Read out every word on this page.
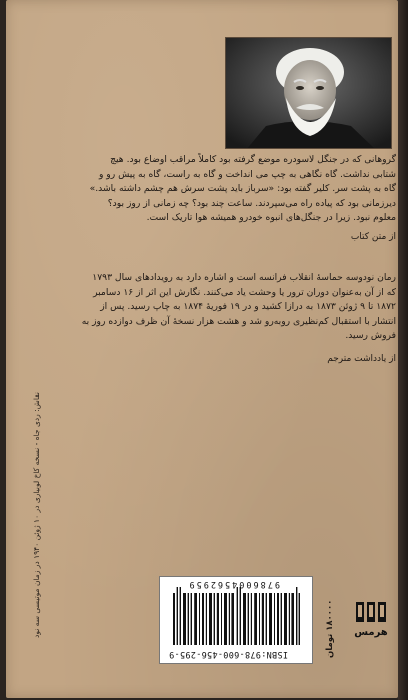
گروهانی که در جنگل لاسودره موضع گرفته بود کاملاً مراقب اوضاع بود. هیچ
شتابی نداشت. گاه نگاهی به چپ می انداخت و گاه به راست، گاه به پیش رو و
گاه به پشت سر. کلیر گفته بود: «سرباز باید پشت سرش هم چشم داشته باشد.»
دیرزمانی بود که پیاده راه می‌سپردند. ساعت چند بود؟ چه زمانی از روز بود؟
معلوم نبود. زیرا در جنگل‌های انبوه خودرو همیشه هوا تاریک است.
از متن کتاب
رمان نودوسه حماسهٔ انقلاب فرانسه است و اشاره دارد به رویدادهای سال ۱۷۹۳
که از آن به‌عنوان دوران ترور یا وحشت یاد می‌کنند. نگارش این اثر از ۱۶ دسامبر
۱۸۷۲ تا ۹ ژوئن ۱۸۷۳ به درازا کشید و در ۱۹ فوریهٔ ۱۸۷۴ به چاپ رسید. پس از
انتشار با استقبال کم‌نظیری روبه‌رو شد و هشت هزار نسخهٔ آن ظرف دوازده روز به
فروش رسید.
از یادداشت مترجم
نقاش: ردی جاه - نسخه کاخ لوبیاری در ۱۰ ژوئن ۱۹۴۰ در زمان موتیسی سه نود
ISBN:978-600-456-295-9
9786004562959
۱۸۰۰۰۰ تومان
هرمس
